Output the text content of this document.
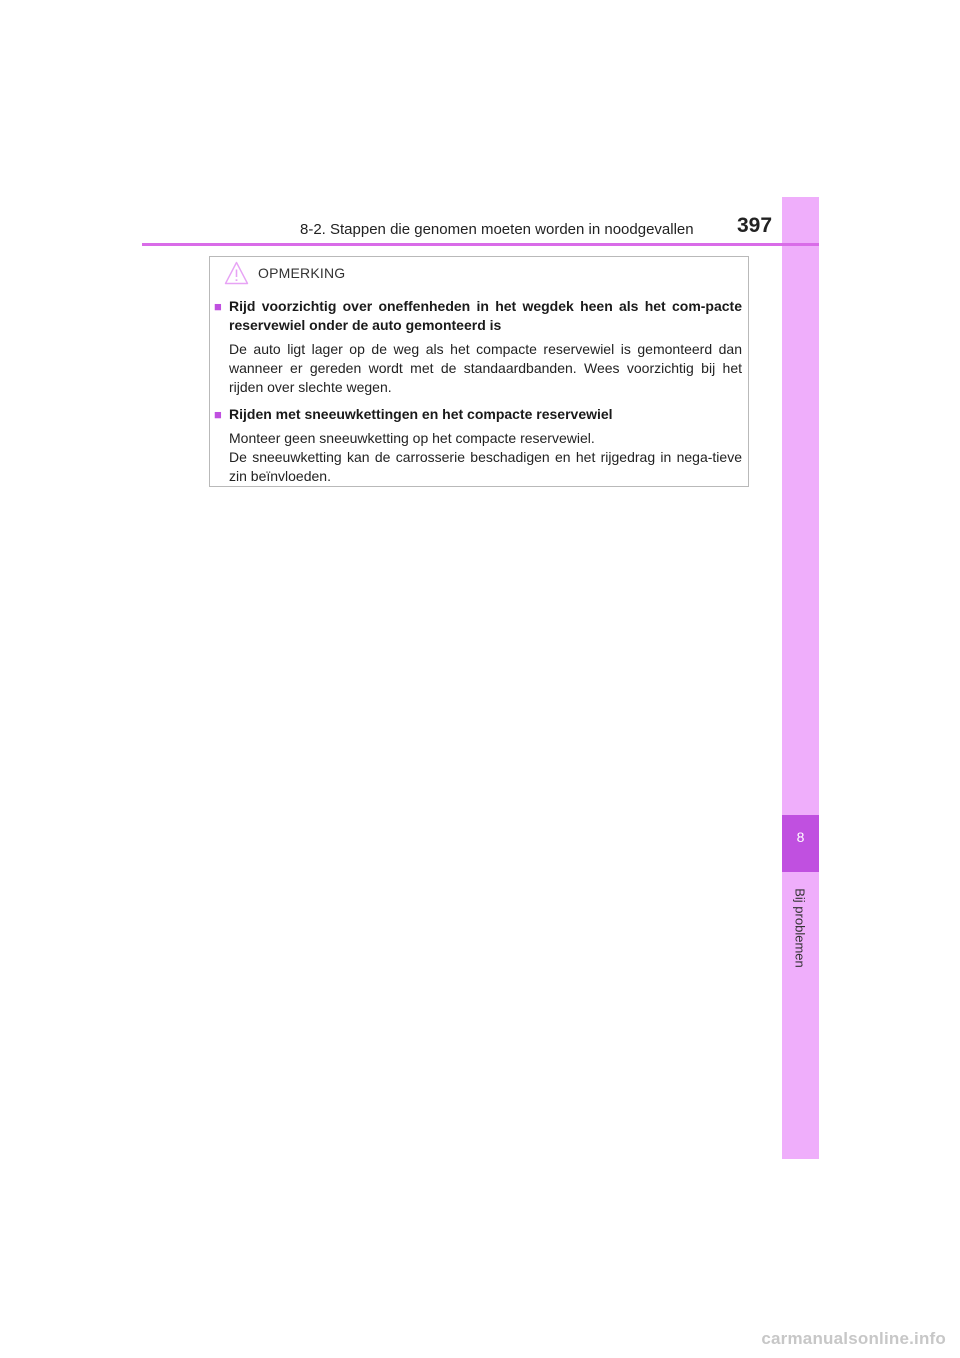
8
Bij problemen
8-2. Stappen die genomen moeten worden in noodgevallen 397
OPMERKING
■ Rijd voorzichtig over oneffenheden in het wegdek heen als het com-pacte reservewiel onder de auto gemonteerd is
De auto ligt lager op de weg als het compacte reservewiel is gemonteerd dan wanneer er gereden wordt met de standaardbanden. Wees voorzichtig bij het rijden over slechte wegen.
■ Rijden met sneeuwkettingen en het compacte reservewiel
Monteer geen sneeuwketting op het compacte reservewiel.
De sneeuwketting kan de carrosserie beschadigen en het rijgedrag in nega-tieve zin beïnvloeden.
carmanualsonline.info
